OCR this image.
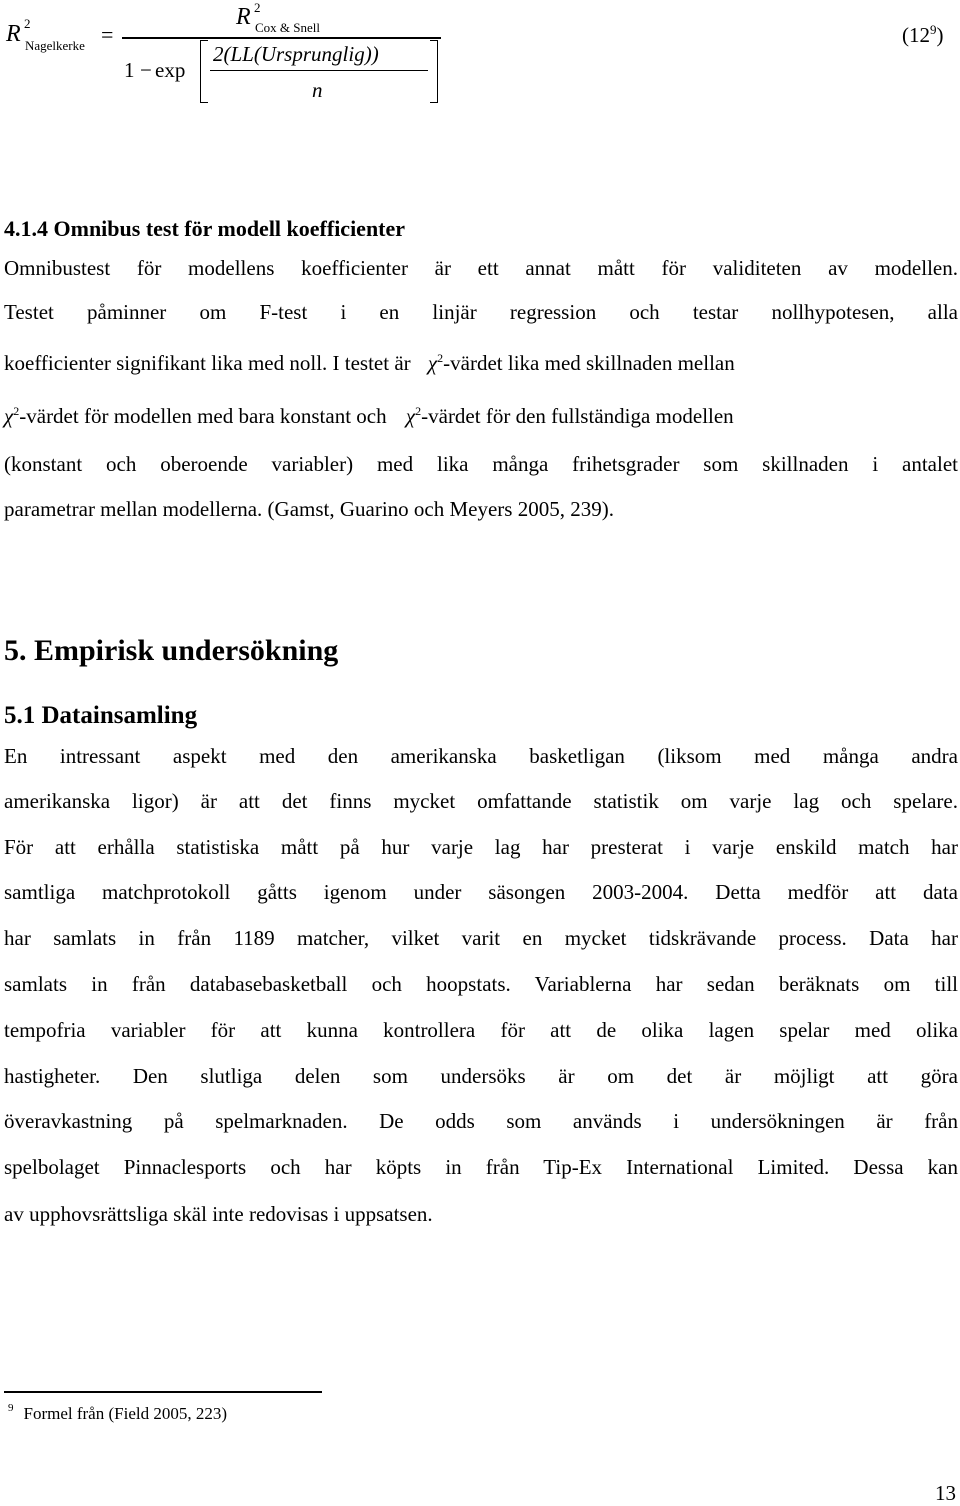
R 2
Nagelkerke =
R 2
Cox & Snell
1 − exp
2(LL(Ursprunglig))
n
$(12^9)$
4.1.4 Omnibus test för modell koefficienter
Omnibustest för modellens koefficienter är ett annat mått för validiteten av modellen.
Testet påminner om F-test i en linjär regression och testar nollhypotesen, alla
koefficienter signifikant lika med noll. I testet är $\chi^2$-värdet lika med skillnaden mellan
$\chi^2$-värdet för modellen med bara konstant och $\chi^2$-värdet för den fullständiga modellen
(konstant och oberoende variabler) med lika många frihetsgrader som skillnaden i antalet
parametrar mellan modellerna. (Gamst, Guarino och Meyers 2005, 239).
5. Empirisk undersökning
5.1 Datainsamling
En intressant aspekt med den amerikanska basketligan (liksom med många andra
amerikanska ligor) är att det finns mycket omfattande statistik om varje lag och spelare.
För att erhålla statistiska mått på hur varje lag har presterat i varje enskild match har
samtliga matchprotokoll gåtts igenom under säsongen 2003-2004. Detta medför att data
har samlats in från 1189 matcher, vilket varit en mycket tidskrävande process. Data har
samlats in från databasebasketball och hoopstats. Variablerna har sedan beräknats om till
tempofria variabler för att kunna kontrollera för att de olika lagen spelar med olika
hastigheter. Den slutliga delen som undersöks är om det är möjligt att göra
överavkastning på spelmarknaden. De odds som används i undersökningen är från
spelbolaget Pinnaclesports och har köpts in från Tip-Ex International Limited. Dessa kan
av upphovsrättsliga skäl inte redovisas i uppsatsen.
$^9$ Formel från (Field 2005, 223)
13
